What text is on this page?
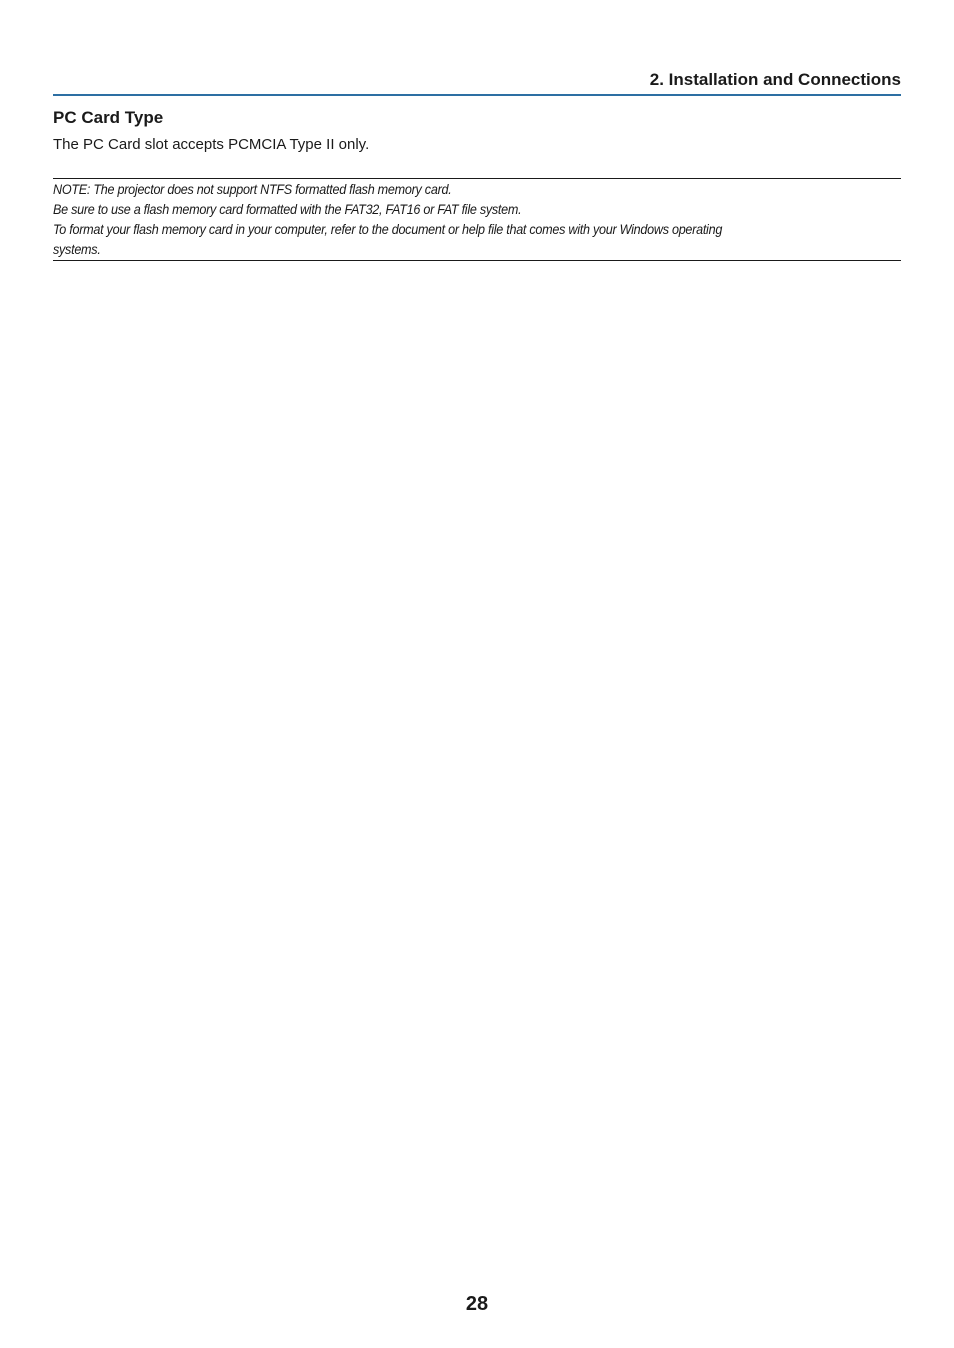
2. Installation and Connections
PC Card Type

The PC Card slot accepts PCMCIA Type II only.

NOTE: The projector does not support NTFS formatted flash memory card.

Be sure to use a flash memory card formatted with the FAT32, FAT16 or FAT file system.

To format your flash memory card in your computer, refer to the document or help file that comes with your Windows operating

systems.

28
